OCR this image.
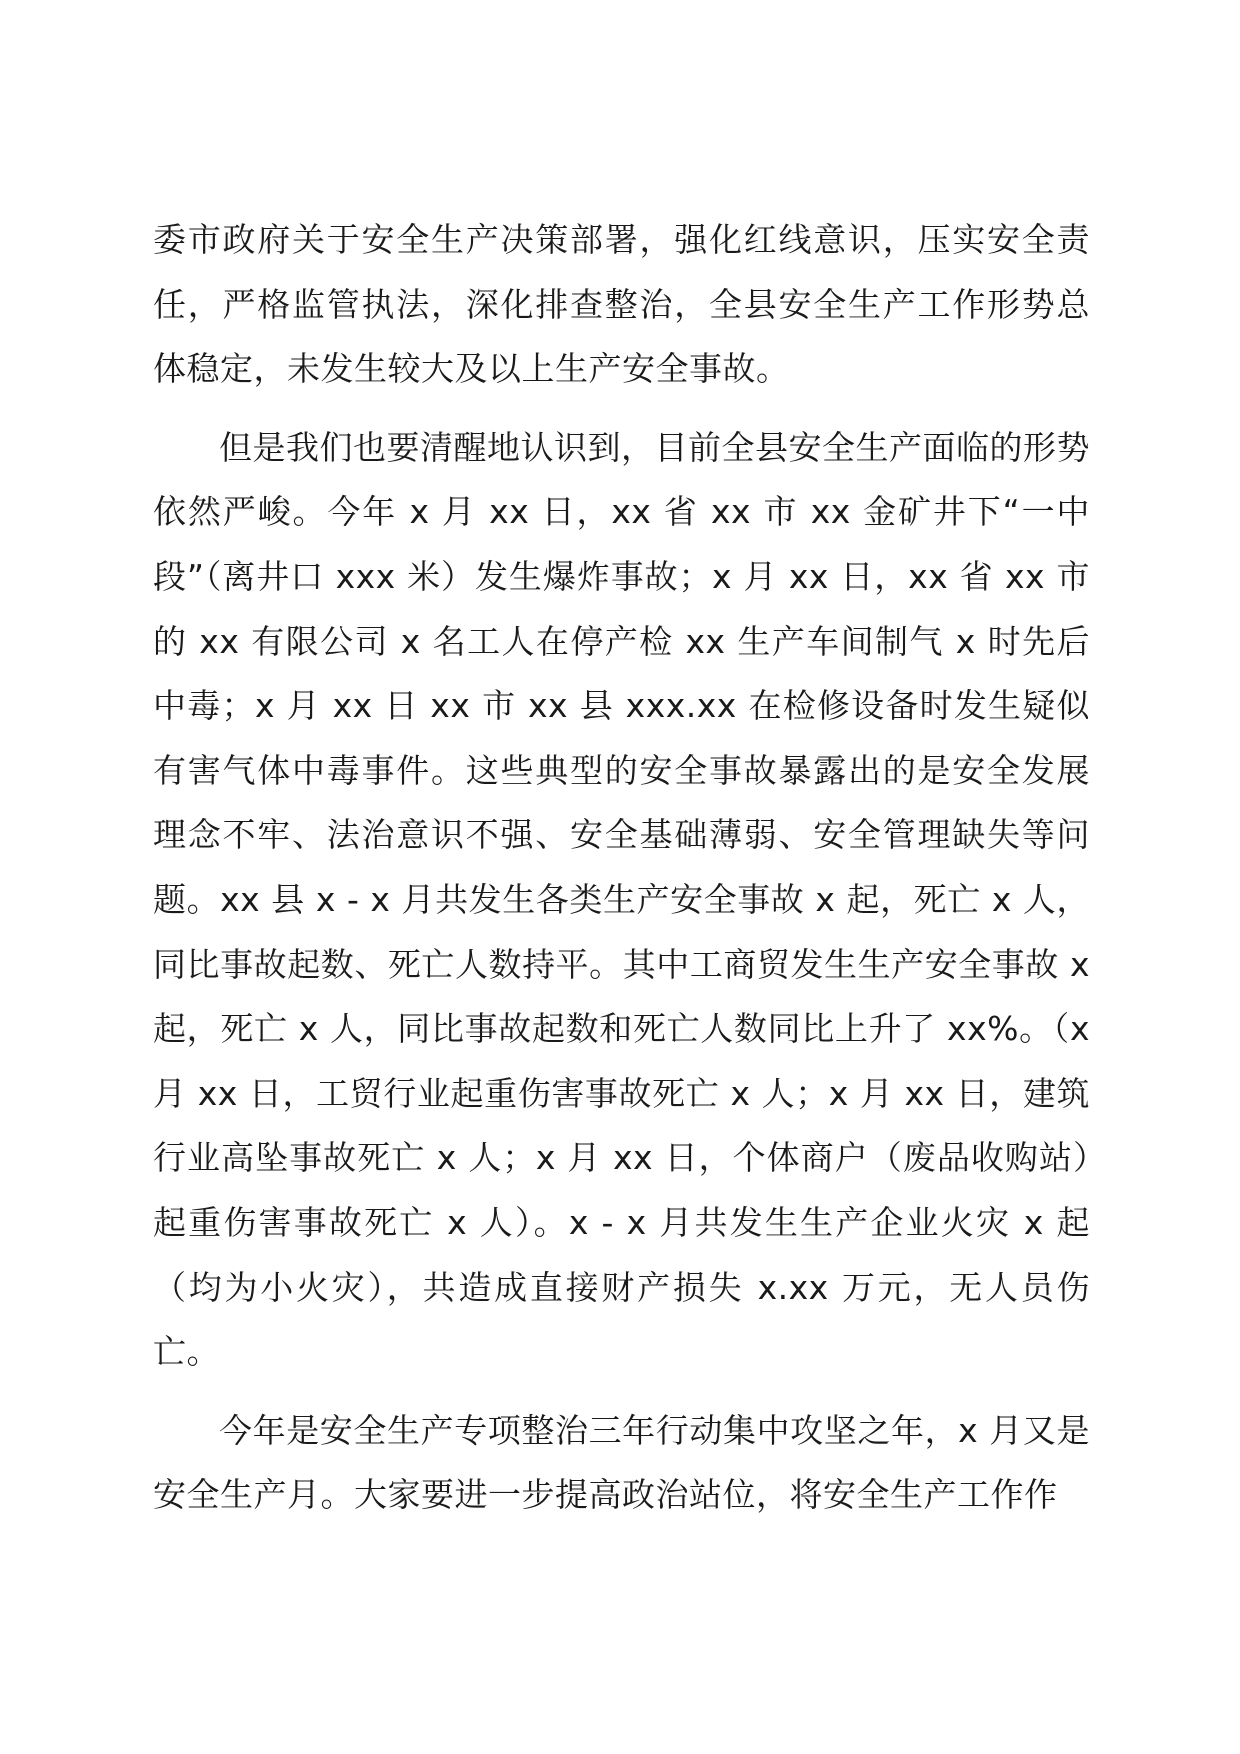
委市政府关于安全生产决策部署，强化红线意识，压实安全责任，严格监管执法，深化排查整治，全县安全生产工作形势总体稳定，未发生较大及以上生产安全事故。

但是我们也要清醒地认识到，目前全县安全生产面临的形势依然严峻。今年 x 月 xx 日，xx 省 xx 市 xx 金矿井下“一中段”（离井口 xxx 米）发生爆炸事故；x 月 xx 日，xx 省 xx 市的 xx 有限公司 x 名工人在停产检 xx 生产车间制气 x 时先后中毒；x 月 xx 日 xx 市 xx 县 xxx.xx 在检修设备时发生疑似有害气体中毒事件。这些典型的安全事故暴露出的是安全发展理念不牢、法治意识不强、安全基础薄弱、安全管理缺失等问题。xx 县 x - x 月共发生各类生产安全事故 x 起，死亡 x 人，同比事故起数、死亡人数持平。其中工商贸发生生产安全事故 x 起，死亡 x 人，同比事故起数和死亡人数同比上升了 xx%。（x 月 xx 日，工贸行业起重伤害事故死亡 x 人；x 月 xx 日，建筑行业高坠事故死亡 x 人；x 月 xx 日，个体商户（废品收购站）起重伤害事故死亡 x 人）。x - x 月共发生生产企业火灾 x 起（均为小火灾），共造成直接财产损失 x.xx 万元，无人员伤亡。

今年是安全生产专项整治三年行动集中攻坚之年，x 月又是安全生产月。大家要进一步提高政治站位，将安全生产工作作
